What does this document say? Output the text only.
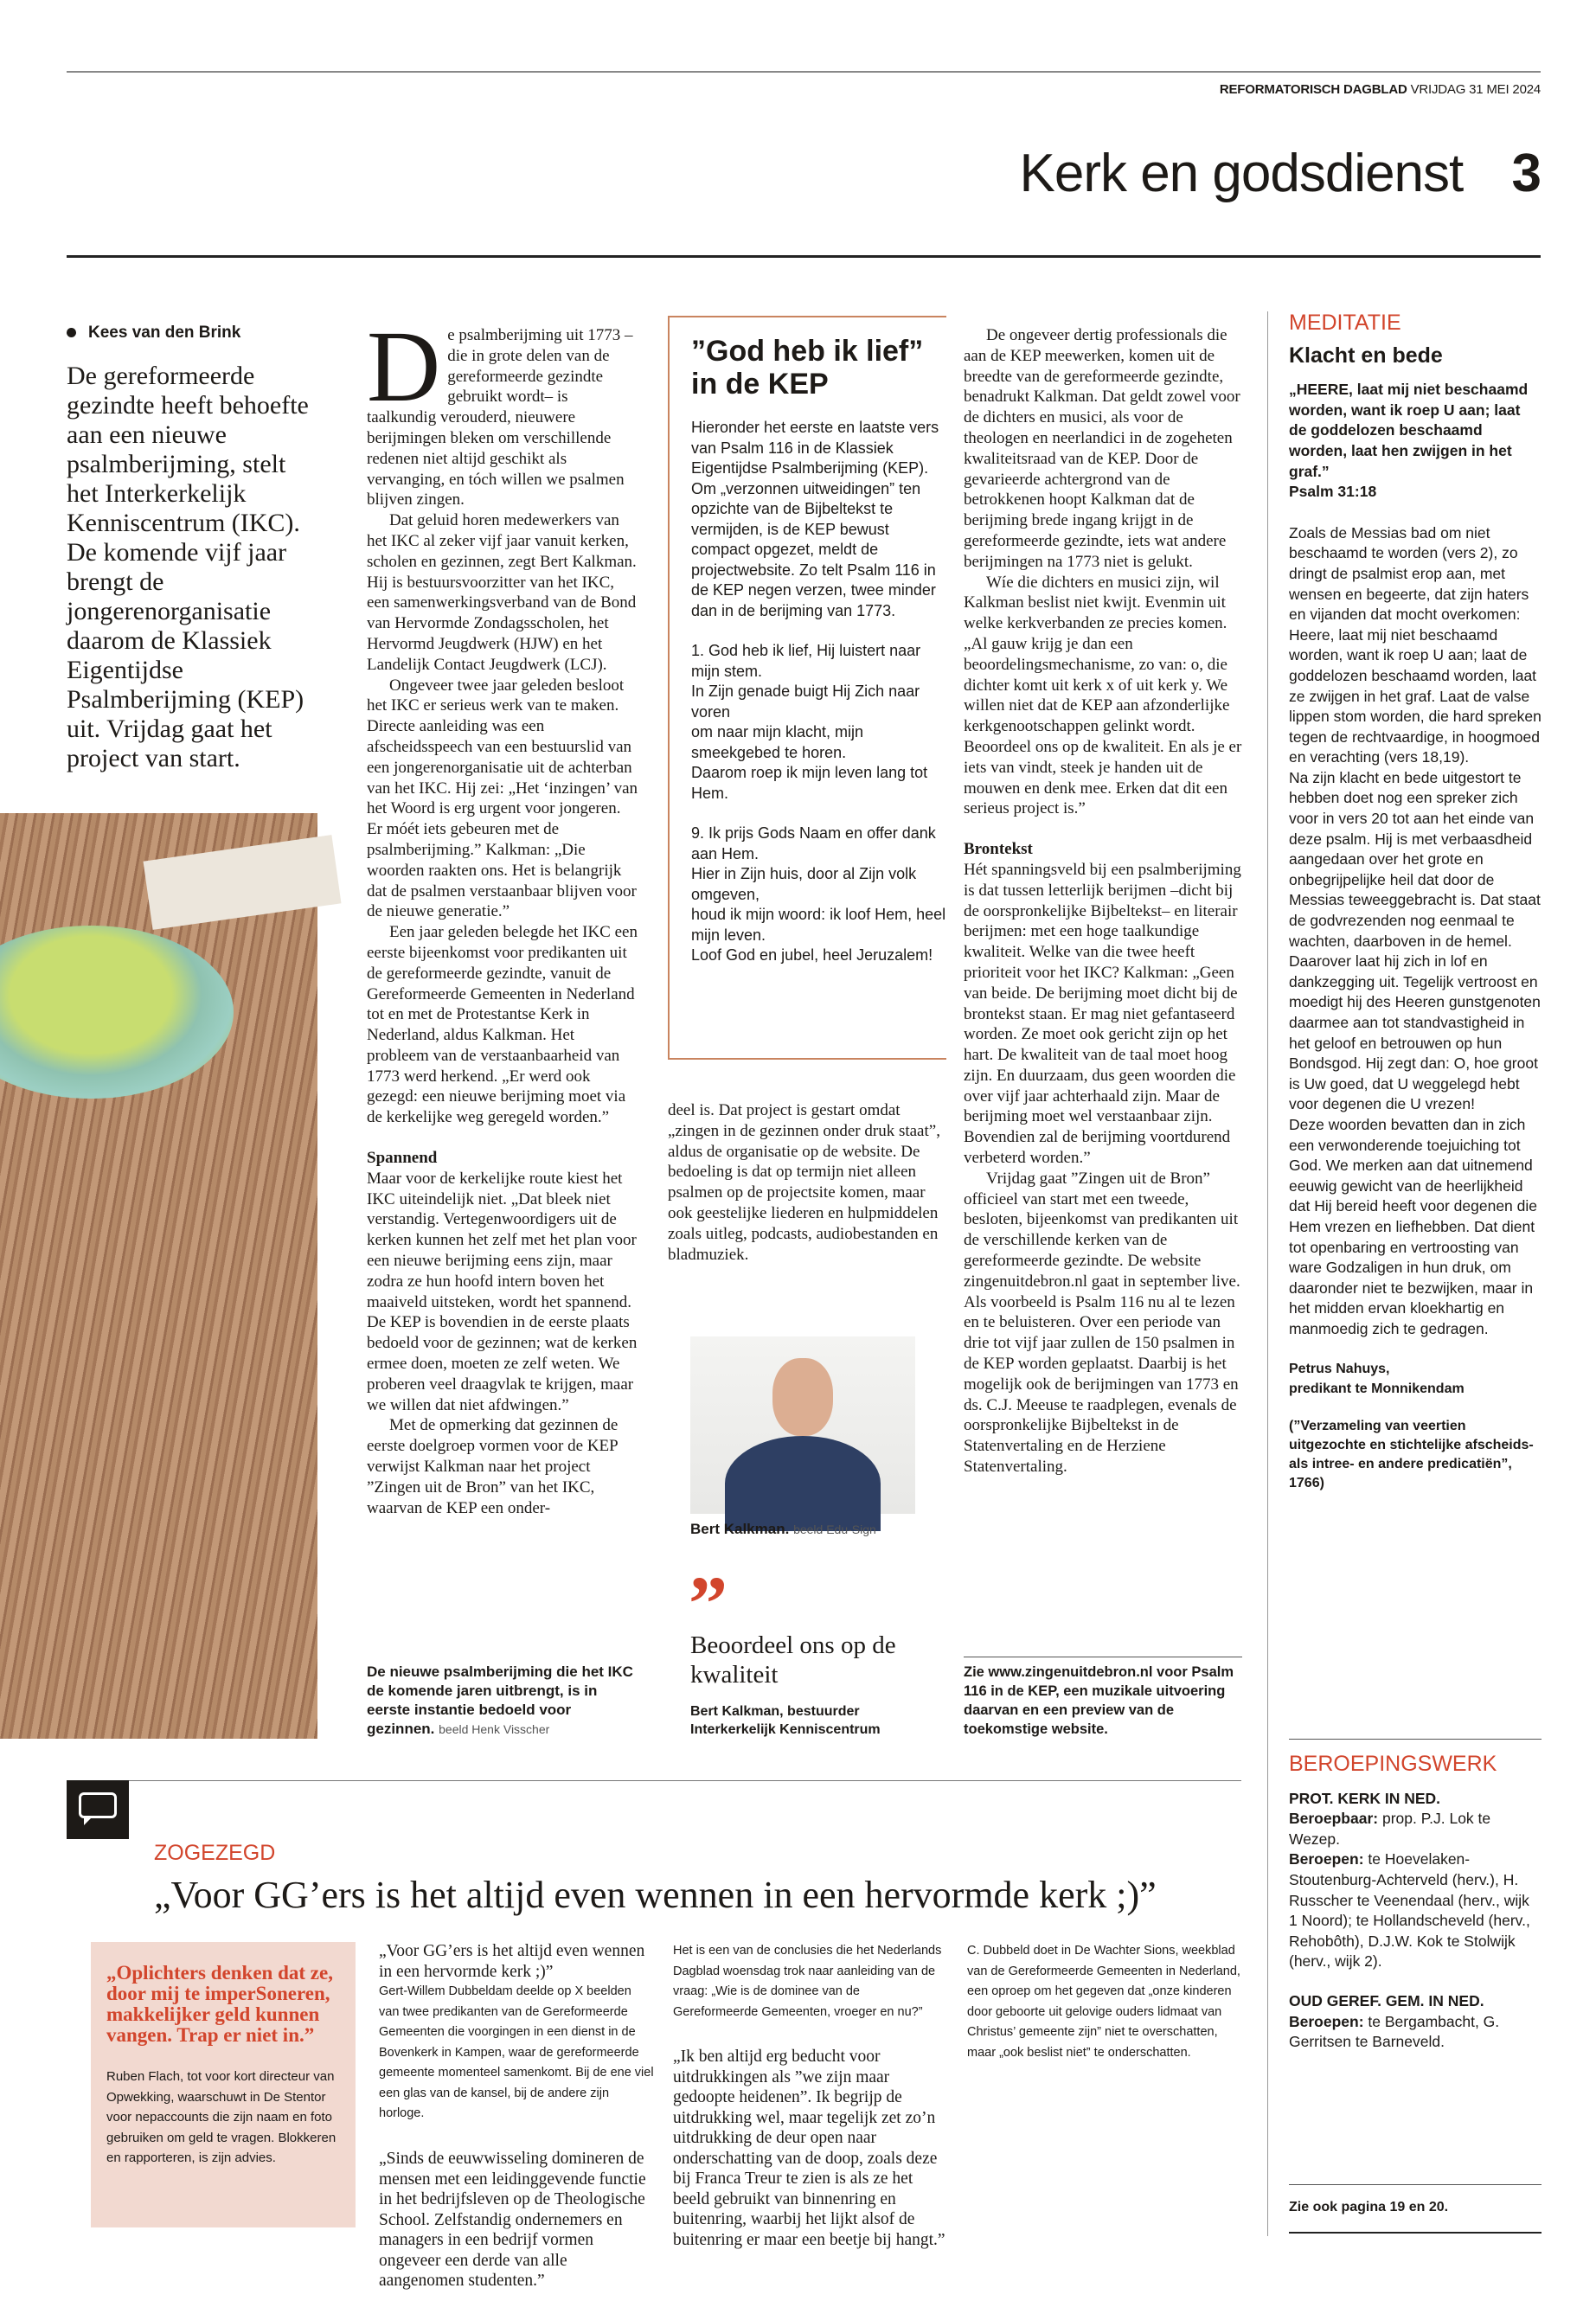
REFORMATORISCH DAGBLAD VRIJDAG 31 MEI 2024
Kerk en godsdienst 3
Kees van den Brink

De gereformeerde gezindte heeft behoefte aan een nieuwe psalmberijming, stelt het Interkerkelijk Kenniscentrum (IKC). De komende vijf jaar brengt de jongerenorganisatie daarom de Klassiek Eigentijdse Psalmberijming (KEP) uit. Vrijdag gaat het project van start.

D e psalmberijming uit 1773 –die in grote delen van de gereformeerde gezindte gebruikt wordt– is taalkundig verouderd, nieuwere berijmingen bleken om verschillende redenen niet altijd geschikt als vervanging, en tóch willen we psalmen blijven zingen.

Dat geluid horen medewerkers van het IKC al zeker vijf jaar vanuit kerken, scholen en gezinnen, zegt Bert Kalkman. Hij is bestuursvoorzitter van het IKC, een samenwerkingsverband van de Bond van Hervormde Zondagsscholen, het Hervormd Jeugdwerk (HJW) en het Landelijk Contact Jeugdwerk (LCJ).

Ongeveer twee jaar geleden besloot het IKC er serieus werk van te maken. Directe aanleiding was een afscheidsspeech van een bestuurslid van een jongerenorganisatie uit de achterban van het IKC. Hij zei: „Het ‘inzingen’ van het Woord is erg urgent voor jongeren. Er móét iets gebeuren met de psalmberijming.” Kalkman: „Die woorden raakten ons. Het is belangrijk dat de psalmen verstaanbaar blijven voor de nieuwe generatie.”

Een jaar geleden belegde het IKC een eerste bijeenkomst voor predikanten uit de gereformeerde gezindte, vanuit de Gereformeerde Gemeenten in Nederland tot en met de Protestantse Kerk in Nederland, aldus Kalkman. Het probleem van de verstaanbaarheid van 1773 werd herkend. „Er werd ook gezegd: een nieuwe berijming moet via de kerkelijke weg geregeld worden.”

Spannend

Maar voor de kerkelijke route kiest het IKC uiteindelijk niet. „Dat bleek niet verstandig. Vertegenwoordigers uit de kerken kunnen het zelf met het plan voor een nieuwe berijming eens zijn, maar zodra ze hun hoofd intern boven het maaiveld uitsteken, wordt het spannend. De KEP is bovendien in de eerste plaats bedoeld voor de gezinnen; wat de kerken ermee doen, moeten ze zelf weten. We proberen veel draagvlak te krijgen, maar we willen dat niet afdwingen.”

Met de opmerking dat gezinnen de eerste doelgroep vormen voor de KEP verwijst Kalkman naar het project ”Zingen uit de Bron” van het IKC, waarvan de KEP een onder-

De nieuwe psalmberijming die het IKC de komende jaren uitbrengt, is in eerste instantie bedoeld voor gezinnen. beeld Henk Visscher

”God heb ik lief” in de KEP

Hieronder het eerste en laatste vers van Psalm 116 in de Klassiek Eigentijdse Psalmberijming (KEP). Om „verzonnen uitweidingen” ten opzichte van de Bijbeltekst te vermijden, is de KEP bewust compact opgezet, meldt de projectwebsite. Zo telt Psalm 116 in de KEP negen verzen, twee minder dan in de berijming van 1773.

1. God heb ik lief, Hij luistert naar mijn stem.
In Zijn genade buigt Hij Zich naar voren
om naar mijn klacht, mijn smeekgebed te horen.
Daarom roep ik mijn leven lang tot Hem.
9. Ik prijs Gods Naam en offer dank aan Hem.
Hier in Zijn huis, door al Zijn volk omgeven,
houd ik mijn woord: ik loof Hem, heel mijn leven.
Loof God en jubel, heel Jeruzalem!

deel is. Dat project is gestart omdat „zingen in de gezinnen onder druk staat”, aldus de organisatie op de website. De bedoeling is dat op termijn niet alleen psalmen op de projectsite komen, maar ook geestelijke liederen en hulpmiddelen zoals uitleg, podcasts, audiobestanden en bladmuziek.

Bert Kalkman. beeld Edu-Sign

”

Beoordeel ons op de kwaliteit

Bert Kalkman, bestuurder Interkerkelijk Kenniscentrum

De ongeveer dertig professionals die aan de KEP meewerken, komen uit de breedte van de gereformeerde gezindte, benadrukt Kalkman. Dat geldt zowel voor de dichters en musici, als voor de theologen en neerlandici in de zogeheten kwaliteitsraad van de KEP. Door de gevarieerde achtergrond van de betrokkenen hoopt Kalkman dat de berijming brede ingang krijgt in de gereformeerde gezindte, iets wat andere berijmingen na 1773 niet is gelukt.

Wíe die dichters en musici zijn, wil Kalkman beslist niet kwijt. Evenmin uit welke kerkverbanden ze precies komen. „Al gauw krijg je dan een beoordelingsmechanisme, zo van: o, die dichter komt uit kerk x of uit kerk y. We willen niet dat de KEP aan afzonderlijke kerkgenootschappen gelinkt wordt. Beoordeel ons op de kwaliteit. En als je er iets van vindt, steek je handen uit de mouwen en denk mee. Erken dat dit een serieus project is.”

Brontekst

Hét spanningsveld bij een psalmberijming is dat tussen letterlijk berijmen –dicht bij de oorspronkelijke Bijbeltekst– en literair berijmen: met een hoge taalkundige kwaliteit. Welke van die twee heeft prioriteit voor het IKC? Kalkman: „Geen van beide. De berijming moet dicht bij de brontekst staan. Er mag niet gefantaseerd worden. Ze moet ook gericht zijn op het hart. De kwaliteit van de taal moet hoog zijn. En duurzaam, dus geen woorden die over vijf jaar achterhaald zijn. Maar de berijming moet wel verstaanbaar zijn. Bovendien zal de berijming voortdurend verbeterd worden.”

Vrijdag gaat ”Zingen uit de Bron” officieel van start met een tweede, besloten, bijeenkomst van predikanten uit de verschillende kerken van de gereformeerde gezindte. De website zingenuitdebron.nl gaat in september live. Als voorbeeld is Psalm 116 nu al te lezen en te beluisteren. Over een periode van drie tot vijf jaar zullen de 150 psalmen in de KEP worden geplaatst. Daarbij is het mogelijk ook de berijmingen van 1773 en ds. C.J. Meeuse te raadplegen, evenals de oorspronkelijke Bijbeltekst in de Statenvertaling en de Herziene Statenvertaling.

Zie www.zingenuitdebron.nl voor Psalm 116 in de KEP, een muzikale uitvoering daarvan en een preview van de toekomstige website.

MEDITATIE
Klacht en bede

„HEERE, laat mij niet beschaamd worden, want ik roep U aan; laat de goddelozen beschaamd worden, laat hen zwijgen in het graf.”

Psalm 31:18

Zoals de Messias bad om niet beschaamd te worden (vers 2), zo dringt de psalmist erop aan, met wensen en begeerte, dat zijn haters en vijanden dat mocht overkomen: Heere, laat mij niet beschaamd worden, want ik roep U aan; laat de goddelozen beschaamd worden, laat ze zwijgen in het graf. Laat de valse lippen stom worden, die hard spreken tegen de rechtvaardige, in hoogmoed en verachting (vers 18,19).

Na zijn klacht en bede uitgestort te hebben doet nog een spreker zich voor in vers 20 tot aan het einde van deze psalm. Hij is met verbaasdheid aangedaan over het grote en onbegrijpelijke heil dat door de Messias teweeggebracht is. Dat staat de godvrezenden nog eenmaal te wachten, daarboven in de hemel. Daarover laat hij zich in lof en dankzegging uit. Tegelijk vertroost en moedigt hij des Heeren gunstgenoten daarmee aan tot standvastigheid in het geloof en betrouwen op hun Bondsgod. Hij zegt dan: O, hoe groot is Uw goed, dat U weggelegd hebt voor degenen die U vrezen!

Deze woorden bevatten dan in zich een verwonderende toejuiching tot God. We merken aan dat uitnemend eeuwig gewicht van de heerlijkheid dat Hij bereid heeft voor degenen die Hem vrezen en liefhebben. Dat dient tot openbaring en vertroosting van ware Godzaligen in hun druk, om daaronder niet te bezwijken, maar in het midden ervan kloekhartig en manmoedig zich te gedragen.

Petrus Nahuys,

predikant te Monnikendam

(”Verzameling van veertien uitgezochte en stichtelijke afscheids- als intree- en andere predicatiën”, 1766)

BEROEPINGSWERK
PROT. KERK IN NED.

Beroepbaar: prop. P.J. Lok te Wezep.

Beroepen: te Hoevelaken-Stoutenburg-Achterveld (herv.), H. Russcher te Veenendaal (herv., wijk 1 Noord); te Hollandscheveld (herv., Rehobôth), D.J.W. Kok te Stolwijk (herv., wijk 2).

OUD GEREF. GEM. IN NED.

Beroepen: te Bergambacht, G. Gerritsen te Barneveld.

Zie ook pagina 19 en 20.

ZOGEZEGD
„Voor GG’ers is het altijd even wennen in een hervormde kerk ;)”

„Oplichters denken dat ze, door mij te imperSoneren, makkelijker geld kunnen vangen. Trap er niet in.”

Ruben Flach, tot voor kort directeur van Opwekking, waarschuwt in De Stentor voor nepaccounts die zijn naam en foto gebruiken om geld te vragen. Blokkeren en rapporteren, is zijn advies.

„Voor GG’ers is het altijd even wennen in een hervormde kerk ;)”

Gert-Willem Dubbeldam deelde op X beelden van twee predikanten van de Gereformeerde Gemeenten die voorgingen in een dienst in de Bovenkerk in Kampen, waar de gereformeerde gemeente momenteel samenkomt. Bij de ene viel een glas van de kansel, bij de andere zijn horloge.

„Sinds de eeuwwisseling domineren de mensen met een leidinggevende functie in het bedrijfsleven op de Theologische School. Zelfstandig ondernemers en managers in een bedrijf vormen ongeveer een derde van alle aangenomen studenten.”

Het is een van de conclusies die het Nederlands Dagblad woensdag trok naar aanleiding van de vraag: „Wie is de dominee van de Gereformeerde Gemeenten, vroeger en nu?”

„Ik ben altijd erg beducht voor uitdrukkingen als ”we zijn maar gedoopte heidenen”. Ik begrijp de uitdrukking wel, maar tegelijk zet zo’n uitdrukking de deur open naar onderschatting van de doop, zoals deze bij Franca Treur te zien is als ze het beeld gebruikt van binnenring en buitenring, waarbij het lijkt alsof de buitenring er maar een beetje bij hangt.”

C. Dubbeld doet in De Wachter Sions, weekblad van de Gereformeerde Gemeenten in Nederland, een oproep om het gegeven dat „onze kinderen door geboorte uit gelovige ouders lidmaat van Christus’ gemeente zijn” niet te overschatten, maar „ook beslist niet” te onderschatten.
